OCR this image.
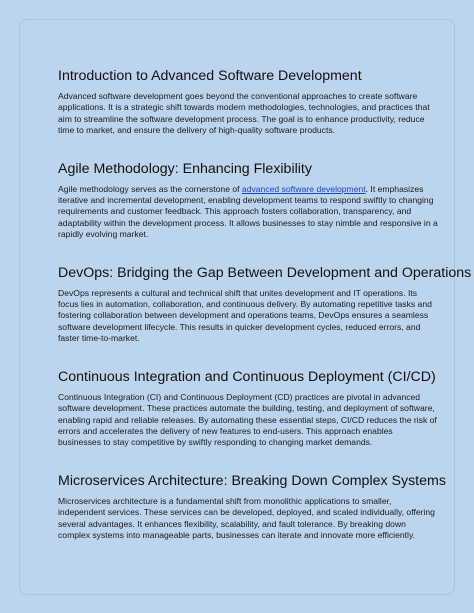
Introduction to Advanced Software Development

Advanced software development goes beyond the conventional approaches to create software applications. It is a strategic shift towards modern methodologies, technologies, and practices that aim to streamline the software development process. The goal is to enhance productivity, reduce time to market, and ensure the delivery of high-quality software products.

Agile Methodology: Enhancing Flexibility

Agile methodology serves as the cornerstone of advanced software development. It emphasizes iterative and incremental development, enabling development teams to respond swiftly to changing requirements and customer feedback. This approach fosters collaboration, transparency, and adaptability within the development process. It allows businesses to stay nimble and responsive in a rapidly evolving market.

DevOps: Bridging the Gap Between Development and Operations

DevOps represents a cultural and technical shift that unites development and IT operations. Its focus lies in automation, collaboration, and continuous delivery. By automating repetitive tasks and fostering collaboration between development and operations teams, DevOps ensures a seamless software development lifecycle. This results in quicker development cycles, reduced errors, and faster time-to-market.

Continuous Integration and Continuous Deployment (CI/CD)

Continuous Integration (CI) and Continuous Deployment (CD) practices are pivotal in advanced software development. These practices automate the building, testing, and deployment of software, enabling rapid and reliable releases. By automating these essential steps, CI/CD reduces the risk of errors and accelerates the delivery of new features to end-users. This approach enables businesses to stay competitive by swiftly responding to changing market demands.

Microservices Architecture: Breaking Down Complex Systems

Microservices architecture is a fundamental shift from monolithic applications to smaller, independent services. These services can be developed, deployed, and scaled individually, offering several advantages. It enhances flexibility, scalability, and fault tolerance. By breaking down complex systems into manageable parts, businesses can iterate and innovate more efficiently.
